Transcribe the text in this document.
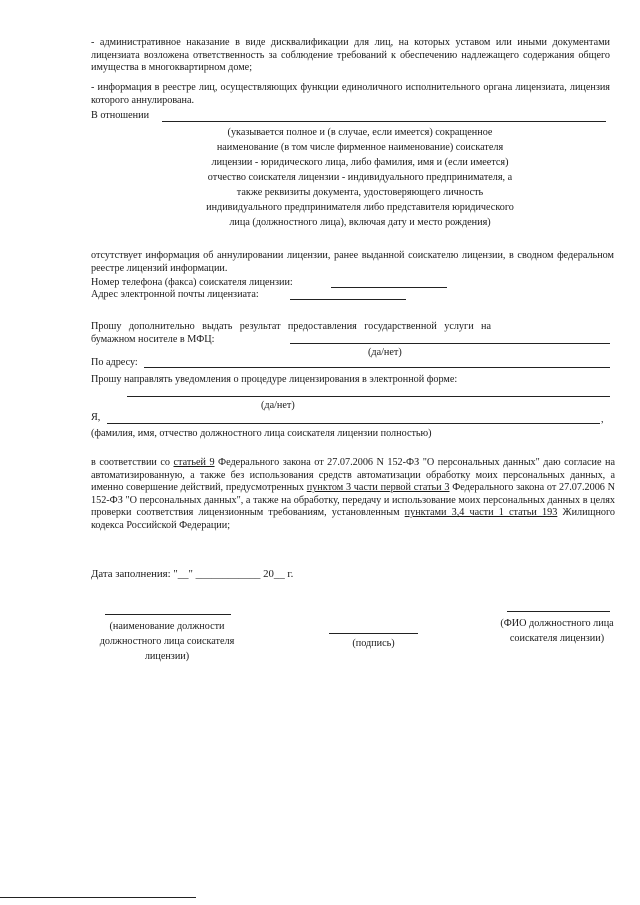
- административное наказание в виде дисквалификации для лиц, на которых уставом или иными документами лицензиата возложена ответственность за соблюдение требований к обеспечению надлежащего содержания общего имущества в многоквартирном доме;
- информация в реестре лиц, осуществляющих функции единоличного исполнительного органа лицензиата, лицензия которого аннулирована.
В отношении
(указывается полное и (в случае, если имеется) сокращенное наименование (в том числе фирменное наименование) соискателя лицензии - юридического лица, либо фамилия, имя и (если имеется) отчество соискателя лицензии - индивидуального предпринимателя, а также реквизиты документа, удостоверяющего личность индивидуального предпринимателя либо представителя юридического лица (должностного лица), включая дату и место рождения)
отсутствует информация об аннулировании лицензии, ранее выданной соискателю лицензии, в сводном федеральном реестре лицензий информации.
Номер телефона (факса) соискателя лицензии:
Адрес электронной почты лицензиата:
Прошу дополнительно выдать результат предоставления государственной услуги на бумажном носителе в МФЦ:
(да/нет)
По адресу:
Прошу направлять уведомления о процедуре лицензирования в электронной форме:
(да/нет)
Я,	,
(фамилия, имя, отчество должностного лица соискателя лицензии полностью)
в соответствии со статьей 9 Федерального закона от 27.07.2006 N 152-ФЗ "О персональных данных" даю согласие на автоматизированную, а также без использования средств автоматизации обработку моих персональных данных, а именно совершение действий, предусмотренных пунктом 3 части первой статьи 3 Федерального закона от 27.07.2006 N 152-ФЗ "О персональных данных", а также на обработку, передачу и использование моих персональных данных в целях проверки соответствия лицензионным требованиям, установленным пунктами 3,4 части 1 статьи 193 Жилищного кодекса Российской Федерации;
Дата заполнения: "__" ____________ 20__ г.
(наименование должности должностного лица соискателя лицензии)
(подпись)
(ФИО должностного лица соискателя лицензии)
